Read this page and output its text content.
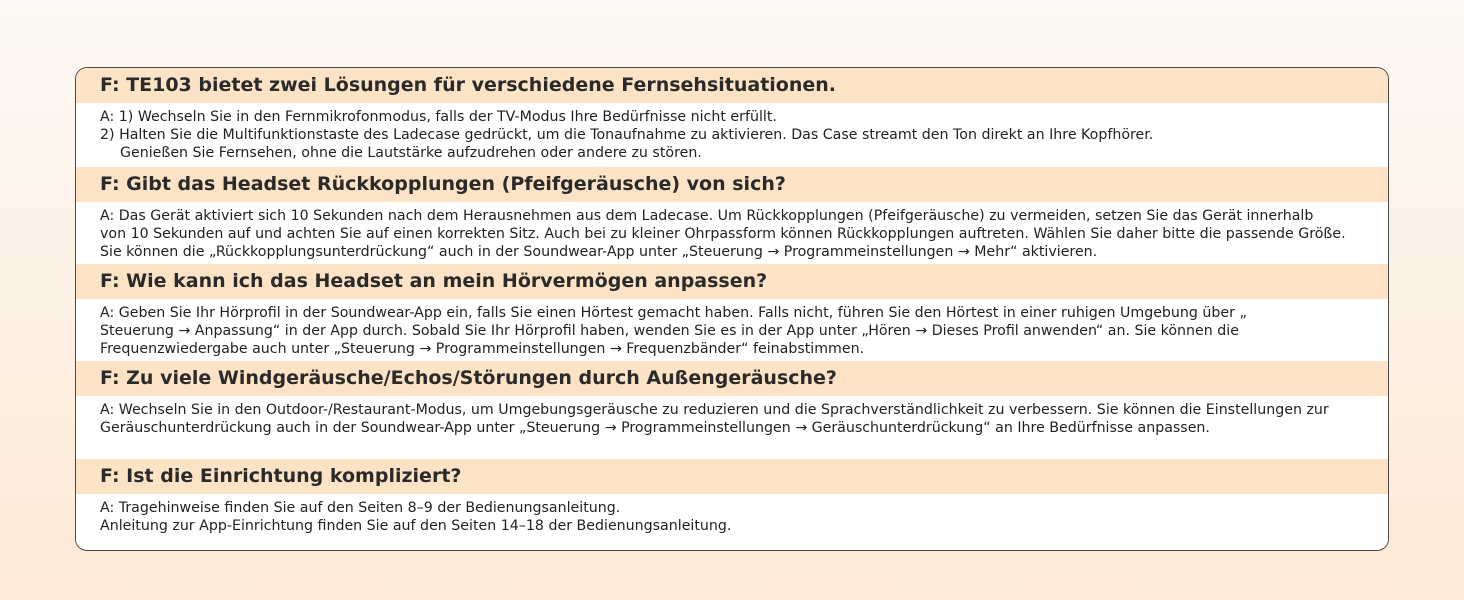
F: TE103 bietet zwei Lösungen für verschiedene Fernsehsituationen.
A: 1) Wechseln Sie in den Fernmikrofonmodus, falls der TV-Modus Ihre Bedürfnisse nicht erfüllt.
2) Halten Sie die Multifunktionstaste des Ladecase gedrückt, um die Tonaufnahme zu aktivieren. Das Case streamt den Ton direkt an Ihre Kopfhörer.
Genießen Sie Fernsehen, ohne die Lautstärke aufzudrehen oder andere zu stören.
F: Gibt das Headset Rückkopplungen (Pfeifgeräusche) von sich?
A: Das Gerät aktiviert sich 10 Sekunden nach dem Herausnehmen aus dem Ladecase. Um Rückkopplungen (Pfeifgeräusche) zu vermeiden, setzen Sie das Gerät innerhalb
von 10 Sekunden auf und achten Sie auf einen korrekten Sitz. Auch bei zu kleiner Ohrpassform können Rückkopplungen auftreten. Wählen Sie daher bitte die passende Größe.
Sie können die „Rückkopplungsunterdrückung“ auch in der Soundwear-App unter „Steuerung → Programmeinstellungen → Mehr“ aktivieren.
F: Wie kann ich das Headset an mein Hörvermögen anpassen?
A: Geben Sie Ihr Hörprofil in der Soundwear-App ein, falls Sie einen Hörtest gemacht haben. Falls nicht, führen Sie den Hörtest in einer ruhigen Umgebung über „
Steuerung → Anpassung“ in der App durch. Sobald Sie Ihr Hörprofil haben, wenden Sie es in der App unter „Hören → Dieses Profil anwenden“ an. Sie können die
Frequenzwiedergabe auch unter „Steuerung → Programmeinstellungen → Frequenzbänder“ feinabstimmen.
F: Zu viele Windgeräusche/Echos/Störungen durch Außengeräusche?
A: Wechseln Sie in den Outdoor-/Restaurant-Modus, um Umgebungsgeräusche zu reduzieren und die Sprachverständlichkeit zu verbessern. Sie können die Einstellungen zur
Geräuschunterdrückung auch in der Soundwear-App unter „Steuerung → Programmeinstellungen → Geräuschunterdrückung“ an Ihre Bedürfnisse anpassen.
F: Ist die Einrichtung kompliziert?
A: Tragehinweise finden Sie auf den Seiten 8–9 der Bedienungsanleitung.
Anleitung zur App-Einrichtung finden Sie auf den Seiten 14–18 der Bedienungsanleitung.
